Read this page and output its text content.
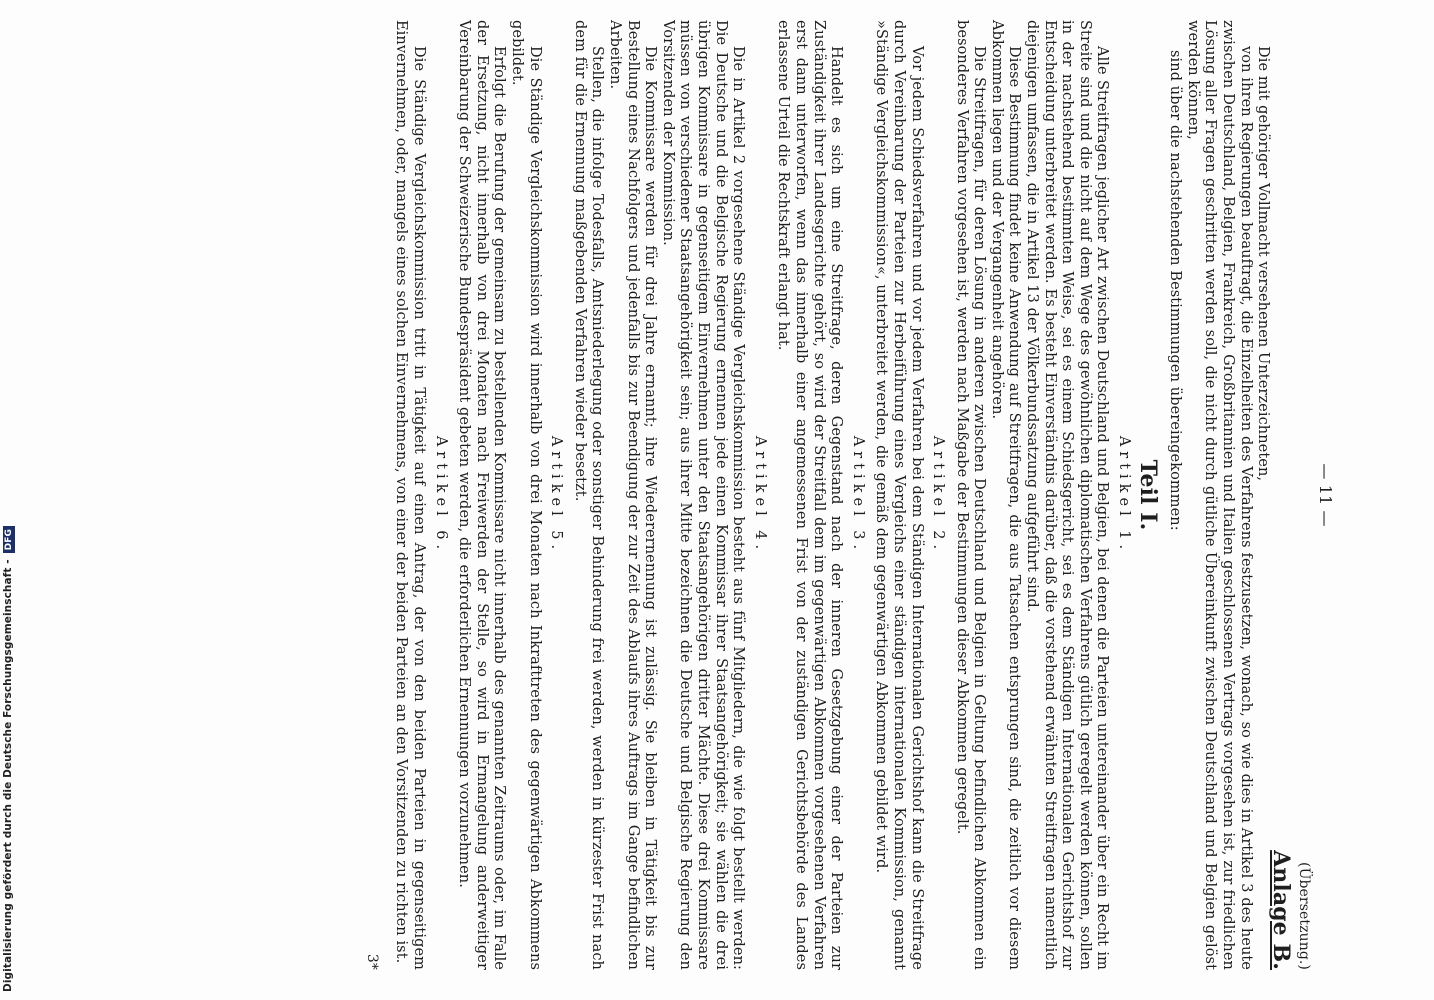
Digitalisierung gefördert durch die Deutsche Forschungsgemeinschaft -DFG
— 11 —
(Übersetzung.)
Anlage B.

Die mit gehöriger Vollmacht versehenen Unterzeichneten,

von ihren Regierungen beauftragt, die Einzelheiten des Verfahrens festzusetzen, wonach, so wie dies in Artikel 3 des heute zwischen Deutschland, Belgien, Frankreich, Großbritannien und Italien geschlossenen Vertrags vorgesehen ist, zur friedlichen Lösung aller Fragen geschritten werden soll, die nicht durch gütliche Übereinkunft zwischen Deutschland und Belgien gelöst werden können,

sind über die nachstehenden Bestimmungen übereingekommen:

Teil I.
Artikel 1.

Alle Streitfragen jeglicher Art zwischen Deutschland und Belgien, bei denen die Parteien untereinander über ein Recht im Streite sind und die nicht auf dem Wege des gewöhnlichen diplomatischen Verfahrens gütlich geregelt werden können, sollen in der nachstehend bestimmten Weise, sei es einem Schiedsgericht, sei es dem Ständigen Internationalen Gerichtshof zur Entscheidung unterbreitet werden. Es besteht Einverständnis darüber, daß die vorstehend erwähnten Streitfragen namentlich diejenigen umfassen, die in Artikel 13 der Völkerbundssatzung aufgeführt sind.

Diese Bestimmung findet keine Anwendung auf Streitfragen, die aus Tatsachen entsprungen sind, die zeitlich vor diesem Abkommen liegen und der Vergangenheit angehören.

Die Streitfragen, für deren Lösung in anderen zwischen Deutschland und Belgien in Geltung befindlichen Abkommen ein besonderes Verfahren vorgesehen ist, werden nach Maßgabe der Bestimmungen dieser Abkommen geregelt.

Artikel 2.

Vor jedem Schiedsverfahren und vor jedem Verfahren bei dem Ständigen Internationalen Gerichtshof kann die Streitfrage durch Vereinbarung der Parteien zur Herbeiführung eines Vergleichs einer ständigen internationalen Kommission, genannt »Ständige Vergleichskommission«, unterbreitet werden, die gemäß dem gegenwärtigen Abkommen gebildet wird.

Artikel 3.

Handelt es sich um eine Streitfrage, deren Gegenstand nach der inneren Gesetzgebung einer der Parteien zur Zuständigkeit ihrer Landesgerichte gehört, so wird der Streitfall dem im gegenwärtigen Abkommen vorgesehenen Verfahren erst dann unterworfen, wenn das innerhalb einer angemessenen Frist von der zuständigen Gerichtsbehörde des Landes erlassene Urteil die Rechtskraft erlangt hat.

Artikel 4.

Die in Artikel 2 vorgesehene Ständige Vergleichskommission besteht aus fünf Mitgliedern, die wie folgt bestellt werden: Die Deutsche und die Belgische Regierung ernennen jede einen Kommissar ihrer Staatsangehörigkeit; sie wählen die drei übrigen Kommissare in gegenseitigem Einvernehmen unter den Staatsangehörigen dritter Mächte. Diese drei Kommissare müssen von verschiedener Staatsangehörigkeit sein; aus ihrer Mitte bezeichnen die Deutsche und Belgische Regierung den Vorsitzenden der Kommission.

Die Kommissare werden für drei Jahre ernannt; ihre Wiederernennung ist zulässig. Sie bleiben in Tätigkeit bis zur Bestellung eines Nachfolgers und jedenfalls bis zur Beendigung der zur Zeit des Ablaufs ihres Auftrags im Gange befindlichen Arbeiten.

Stellen, die infolge Todesfalls, Amtsniederlegung oder sonstiger Behinderung frei werden, werden in kürzester Frist nach dem für die Ernennung maßgebenden Verfahren wieder besetzt.

Artikel 5.

Die Ständige Vergleichskommission wird innerhalb von drei Monaten nach Inkrafttreten des gegenwärtigen Abkommens gebildet.

Erfolgt die Berufung der gemeinsam zu bestellenden Kommissare nicht innerhalb des genannten Zeitraums oder, im Falle der Ersetzung, nicht innerhalb von drei Monaten nach Freiwerden der Stelle, so wird in Ermangelung anderweitiger Vereinbarung der Schweizerische Bundespräsident gebeten werden, die erforderlichen Ernennungen vorzunehmen.

Artikel 6.

Die Ständige Vergleichskommission tritt in Tätigkeit auf einen Antrag, der von den beiden Parteien in gegenseitigem Einvernehmen, oder, mangels eines solchen Einvernehmens, von einer der beiden Parteien an den Vorsitzenden zu richten ist.

3*
